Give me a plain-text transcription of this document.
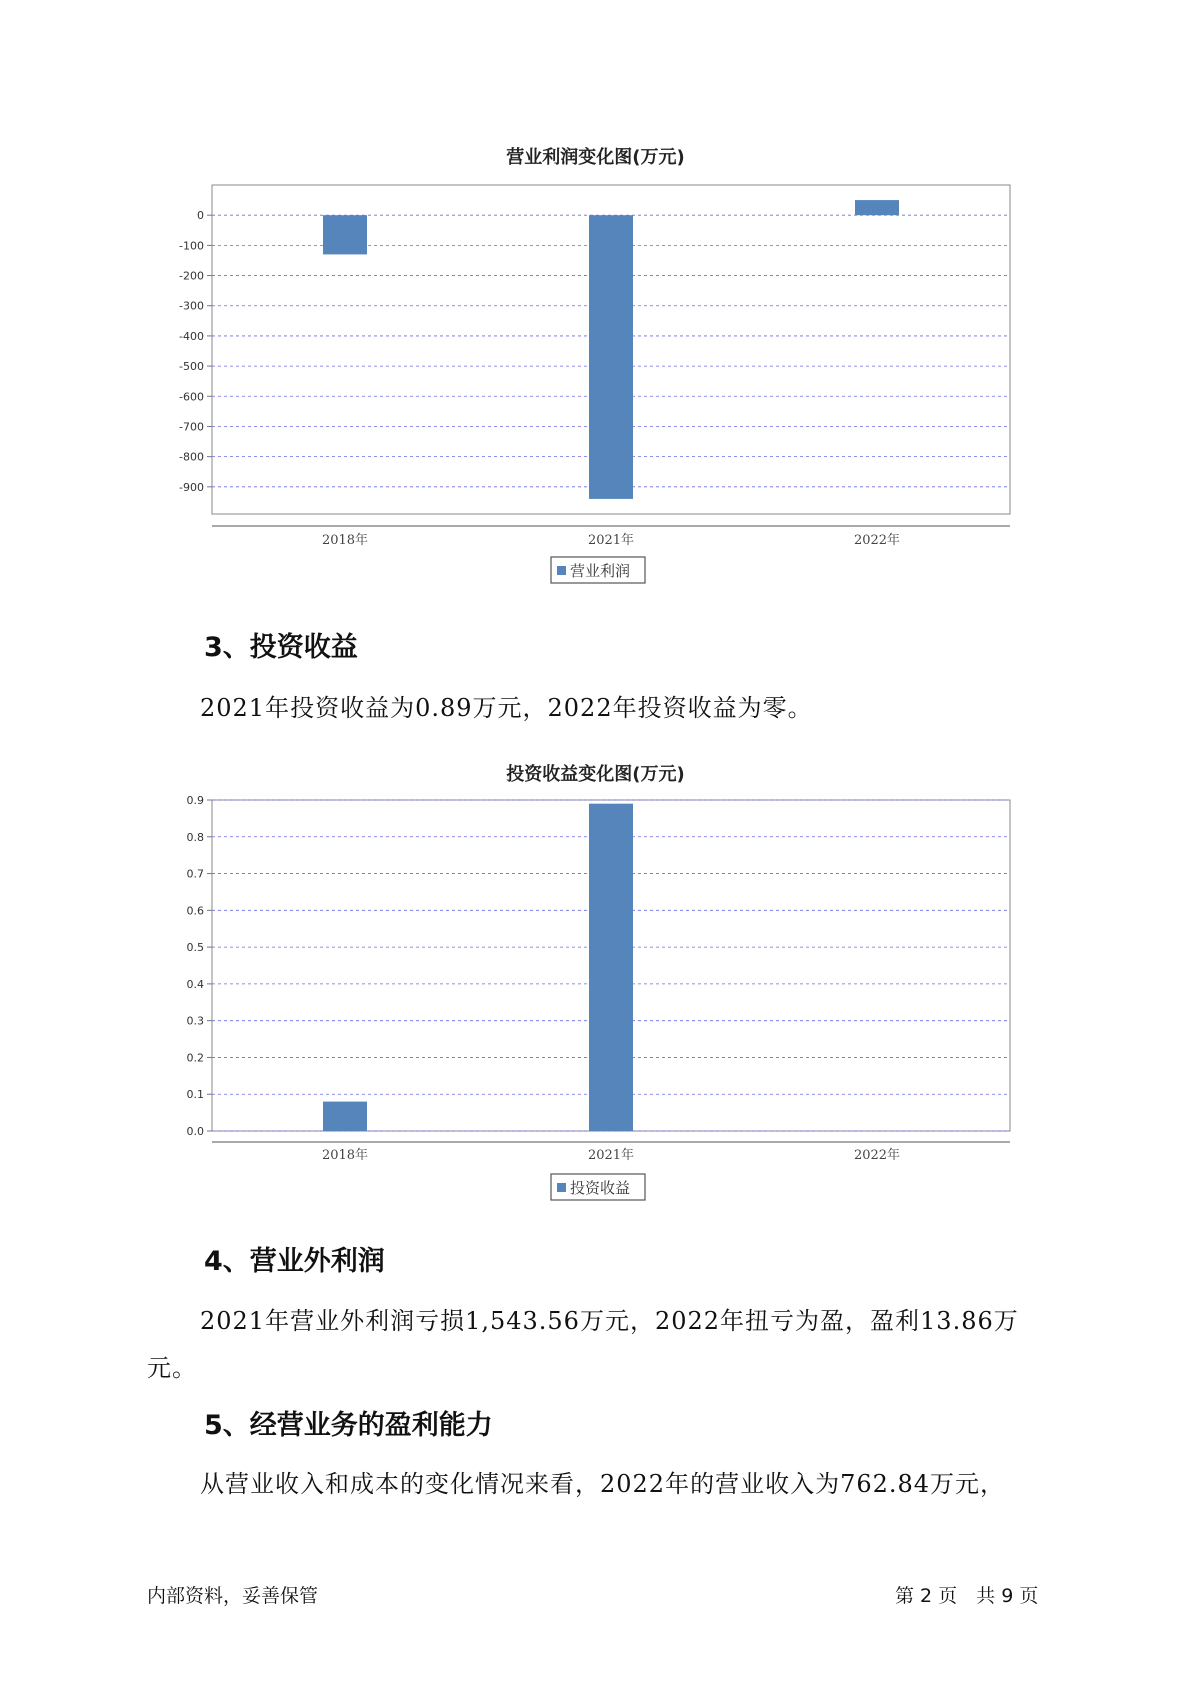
营业利润变化图(万元)
0
-100
-200
-300
-400
-500
-600
-700
-800
-900
2018年	2021年	2022年
营业利润
3、投资收益

2021年投资收益为0.89万元，2022年投资收益为零。

投资收益变化图(万元)
0.0
0.1
0.2
0.3
0.4
0.5
0.6
0.7
0.8
0.9
2018年	2021年	2022年
投资收益
4、营业外利润

2021年营业外利润亏损1,543.56万元，2022年扭亏为盈，盈利13.86万

元。

5、经营业务的盈利能力

从营业收入和成本的变化情况来看，2022年的营业收入为762.84万元，

内部资料，妥善保管	第 2 页　共 9 页
